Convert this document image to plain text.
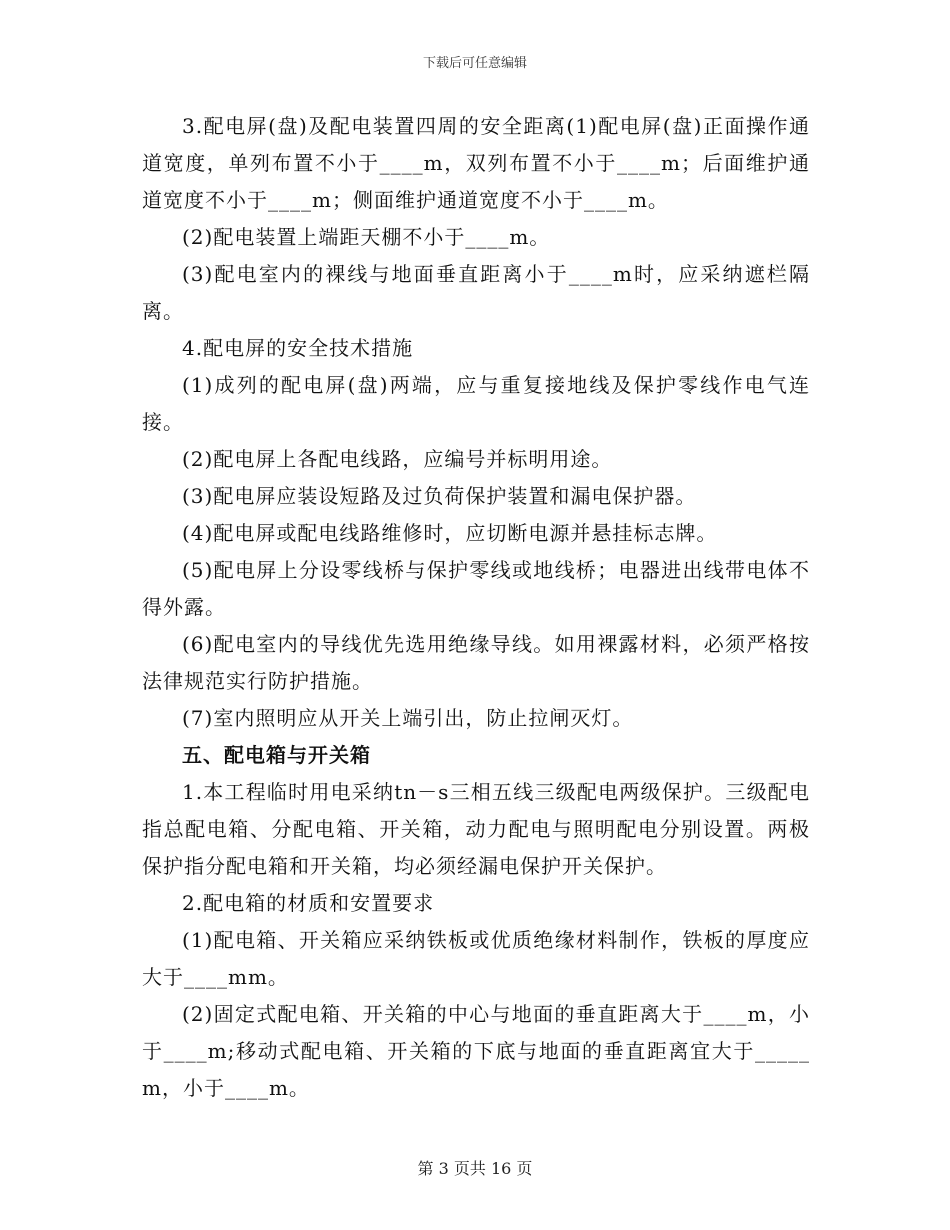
下载后可任意编辑

3.配电屏(盘)及配电装置四周的安全距离(1)配电屏(盘)正面操作通道宽度，单列布置不小于____m，双列布置不小于____m；后面维护通道宽度不小于____m；侧面维护通道宽度不小于____m。

(2)配电装置上端距天棚不小于____m。

(3)配电室内的裸线与地面垂直距离小于____m时，应采纳遮栏隔离。

4.配电屏的安全技术措施

(1)成列的配电屏(盘)两端，应与重复接地线及保护零线作电气连接。

(2)配电屏上各配电线路，应编号并标明用途。

(3)配电屏应装设短路及过负荷保护装置和漏电保护器。

(4)配电屏或配电线路维修时，应切断电源并悬挂标志牌。

(5)配电屏上分设零线桥与保护零线或地线桥；电器进出线带电体不得外露。

(6)配电室内的导线优先选用绝缘导线。如用裸露材料，必须严格按法律规范实行防护措施。

(7)室内照明应从开关上端引出，防止拉闸灭灯。

五、配电箱与开关箱

1.本工程临时用电采纳tn－s三相五线三级配电两级保护。三级配电指总配电箱、分配电箱、开关箱，动力配电与照明配电分别设置。两极保护指分配电箱和开关箱，均必须经漏电保护开关保护。

2.配电箱的材质和安置要求

(1)配电箱、开关箱应采纳铁板或优质绝缘材料制作，铁板的厚度应大于____mm。

(2)固定式配电箱、开关箱的中心与地面的垂直距离大于____m，小于____m;移动式配电箱、开关箱的下底与地面的垂直距离宜大于_____m，小于____m。

第 3 页共 16 页
